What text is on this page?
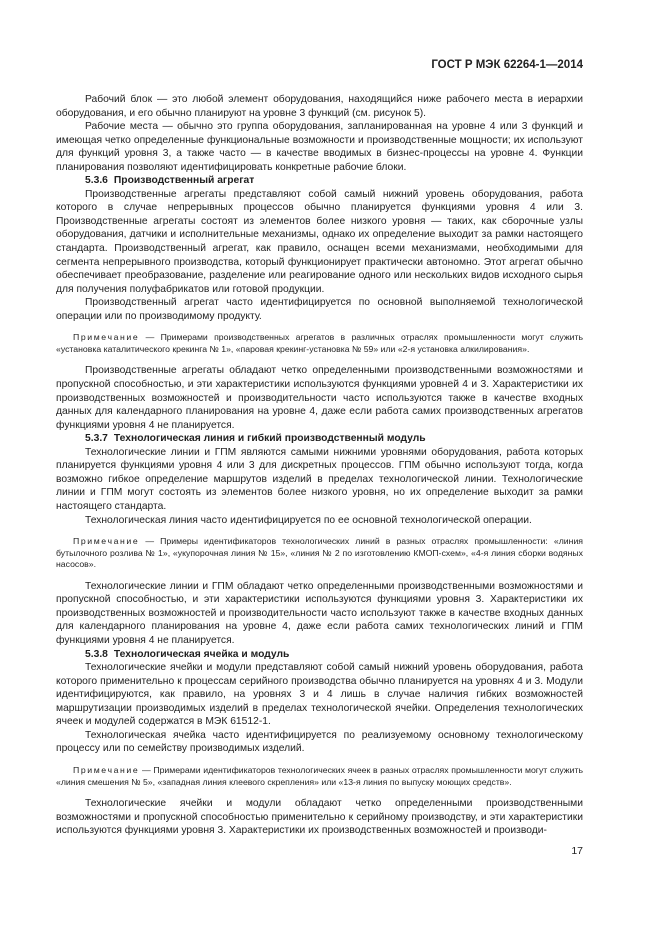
ГОСТ Р МЭК 62264-1—2014

Рабочий блок — это любой элемент оборудования, находящийся ниже рабочего места в иерархии оборудования, и его обычно планируют на уровне 3 функций (см. рисунок 5).

Рабочие места — обычно это группа оборудования, запланированная на уровне 4 или 3 функций и имеющая четко определенные функциональные возможности и производственные мощности; их используют для функций уровня 3, а также часто — в качестве вводимых в бизнес-процессы на уровне 4. Функции планирования позволяют идентифицировать конкретные рабочие блоки.

5.3.6 Производственный агрегат

Производственные агрегаты представляют собой самый нижний уровень оборудования, работа которого в случае непрерывных процессов обычно планируется функциями уровня 4 или 3. Производственные агрегаты состоят из элементов более низкого уровня — таких, как сборочные узлы оборудования, датчики и исполнительные механизмы, однако их определение выходит за рамки настоящего стандарта. Производственный агрегат, как правило, оснащен всеми механизмами, необходимыми для сегмента непрерывного производства, который функционирует практически автономно. Этот агрегат обычно обеспечивает преобразование, разделение или реагирование одного или нескольких видов исходного сырья для получения полуфабрикатов или готовой продукции.

Производственный агрегат часто идентифицируется по основной выполняемой технологической операции или по производимому продукту.

Примечание — Примерами производственных агрегатов в различных отраслях промышленности могут служить «установка каталитического крекинга № 1», «паровая крекинг-установка № 59» или «2-я установка алкилирования».

Производственные агрегаты обладают четко определенными производственными возможностями и пропускной способностью, и эти характеристики используются функциями уровней 4 и 3. Характеристики их производственных возможностей и производительности часто используются также в качестве входных данных для календарного планирования на уровне 4, даже если работа самих производственных агрегатов функциями уровня 4 не планируется.

5.3.7 Технологическая линия и гибкий производственный модуль

Технологические линии и ГПМ являются самыми нижними уровнями оборудования, работа которых планируется функциями уровня 4 или 3 для дискретных процессов. ГПМ обычно используют тогда, когда возможно гибкое определение маршрутов изделий в пределах технологической линии. Технологические линии и ГПМ могут состоять из элементов более низкого уровня, но их определение выходит за рамки настоящего стандарта.

Технологическая линия часто идентифицируется по ее основной технологической операции.

Примечание — Примеры идентификаторов технологических линий в разных отраслях промышленности: «линия бутылочного розлива № 1», «укупорочная линия № 15», «линия № 2 по изготовлению КМОП-схем», «4-я линия сборки водяных насосов».

Технологические линии и ГПМ обладают четко определенными производственными возможностями и пропускной способностью, и эти характеристики используются функциями уровня 3. Характеристики их производственных возможностей и производительности часто используют также в качестве входных данных для календарного планирования на уровне 4, даже если работа самих технологических линий и ГПМ функциями уровня 4 не планируется.

5.3.8 Технологическая ячейка и модуль

Технологические ячейки и модули представляют собой самый нижний уровень оборудования, работа которого применительно к процессам серийного производства обычно планируется на уровнях 4 и 3. Модули идентифицируются, как правило, на уровнях 3 и 4 лишь в случае наличия гибких возможностей маршрутизации производимых изделий в пределах технологической ячейки. Определения технологических ячеек и модулей содержатся в МЭК 61512-1.

Технологическая ячейка часто идентифицируется по реализуемому основному технологическому процессу или по семейству производимых изделий.

Примечание — Примерами идентификаторов технологических ячеек в разных отраслях промышленности могут служить «линия смешения № 5», «западная линия клеевого скрепления» или «13-я линия по выпуску моющих средств».

Технологические ячейки и модули обладают четко определенными производственными возможностями и пропускной способностью применительно к серийному производству, и эти характеристики используются функциями уровня 3. Характеристики их производственных возможностей и производи-

17
